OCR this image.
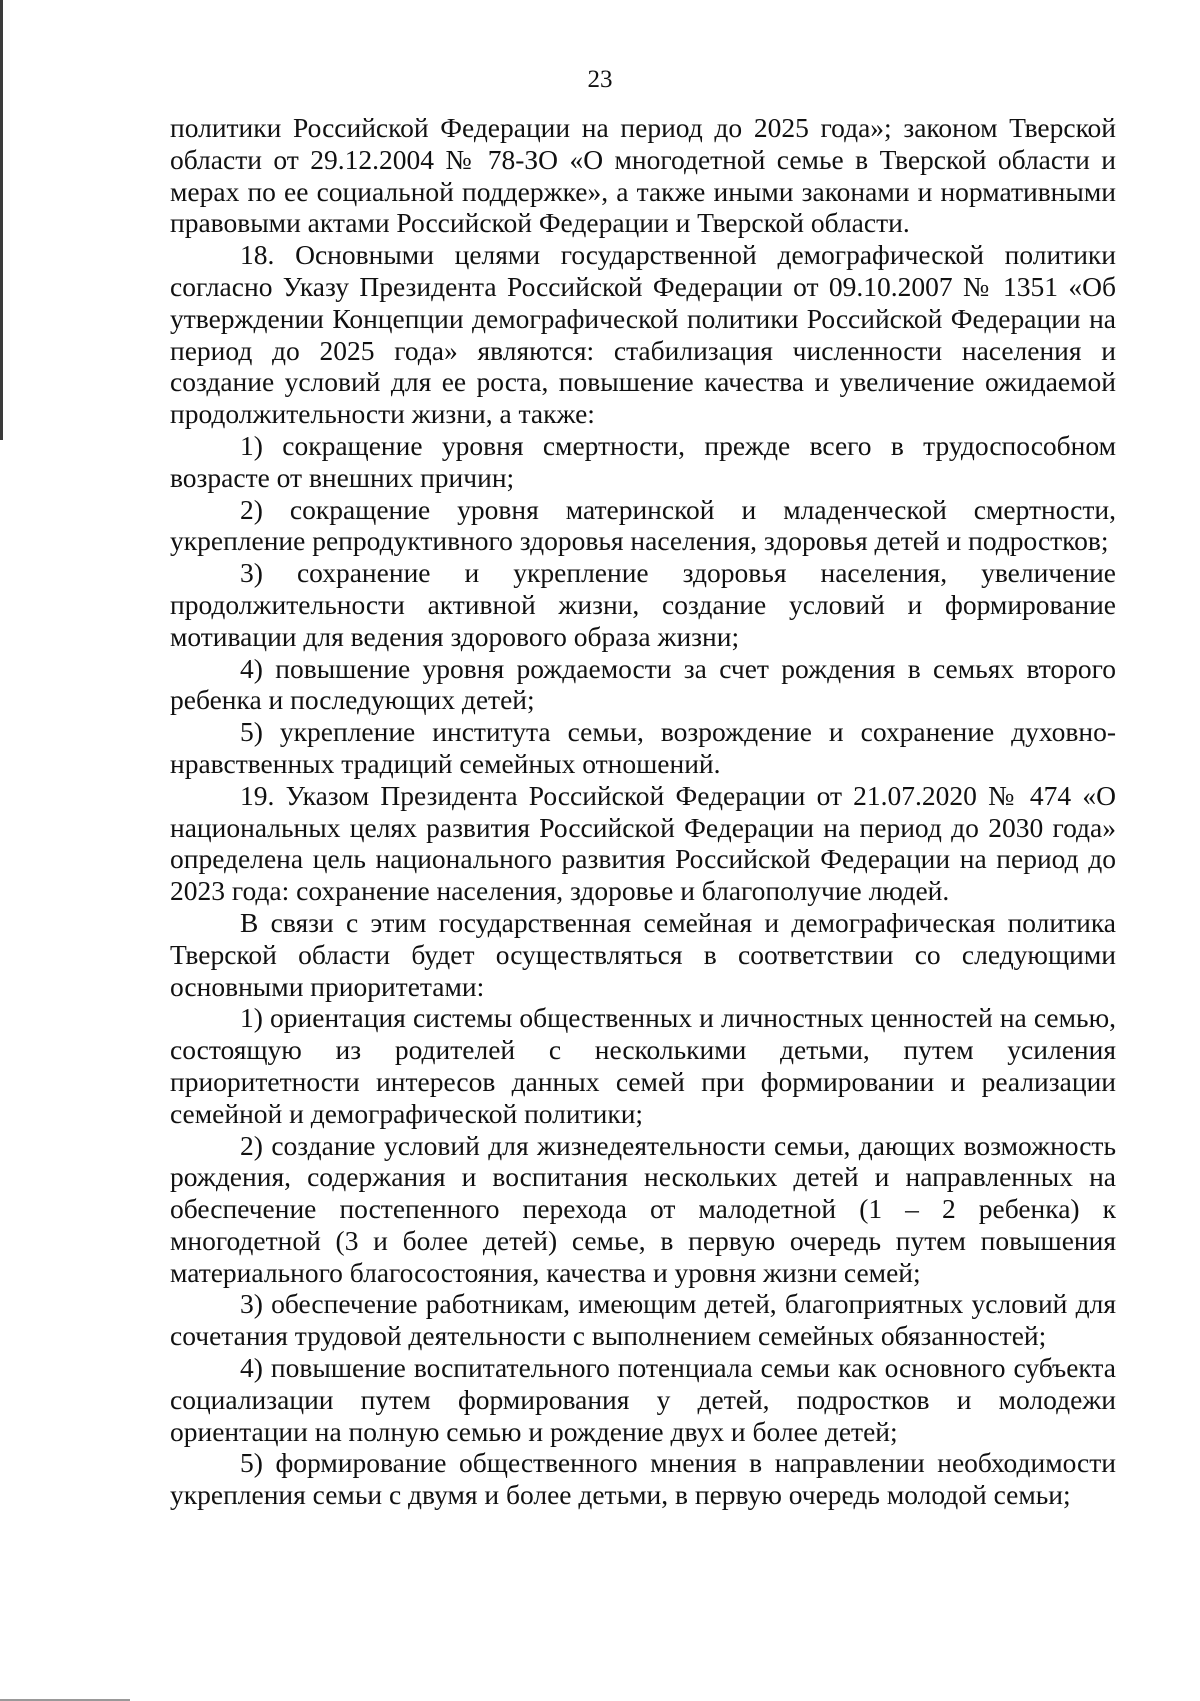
23

политики Российской Федерации на период до 2025 года»; законом Тверской области от 29.12.2004 № 78-ЗО «О многодетной семье в Тверской области и мерах по ее социальной поддержке», а также иными законами и нормативными правовыми актами Российской Федерации и Тверской области.

18. Основными целями государственной демографической политики согласно Указу Президента Российской Федерации от 09.10.2007 № 1351 «Об утверждении Концепции демографической политики Российской Федерации на период до 2025 года» являются: стабилизация численности населения и создание условий для ее роста, повышение качества и увеличение ожидаемой продолжительности жизни, а также:

1) сокращение уровня смертности, прежде всего в трудоспособном возрасте от внешних причин;

2) сокращение уровня материнской и младенческой смертности, укрепление репродуктивного здоровья населения, здоровья детей и подростков;

3) сохранение и укрепление здоровья населения, увеличение продолжительности активной жизни, создание условий и формирование мотивации для ведения здорового образа жизни;

4) повышение уровня рождаемости за счет рождения в семьях второго ребенка и последующих детей;

5) укрепление института семьи, возрождение и сохранение духовно-нравственных традиций семейных отношений.

19. Указом Президента Российской Федерации от 21.07.2020 № 474 «О национальных целях развития Российской Федерации на период до 2030 года» определена цель национального развития Российской Федерации на период до 2023 года: сохранение населения, здоровье и благополучие людей.

В связи с этим государственная семейная и демографическая политика Тверской области будет осуществляться в соответствии со следующими основными приоритетами:

1) ориентация системы общественных и личностных ценностей на семью, состоящую из родителей с несколькими детьми, путем усиления приоритетности интересов данных семей при формировании и реализации семейной и демографической политики;

2) создание условий для жизнедеятельности семьи, дающих возможность рождения, содержания и воспитания нескольких детей и направленных на обеспечение постепенного перехода от малодетной (1 – 2 ребенка) к многодетной (3 и более детей) семье, в первую очередь путем повышения материального благосостояния, качества и уровня жизни семей;

3) обеспечение работникам, имеющим детей, благоприятных условий для сочетания трудовой деятельности с выполнением семейных обязанностей;

4) повышение воспитательного потенциала семьи как основного субъекта социализации путем формирования у детей, подростков и молодежи ориентации на полную семью и рождение двух и более детей;

5) формирование общественного мнения в направлении необходимости укрепления семьи с двумя и более детьми, в первую очередь молодой семьи;
